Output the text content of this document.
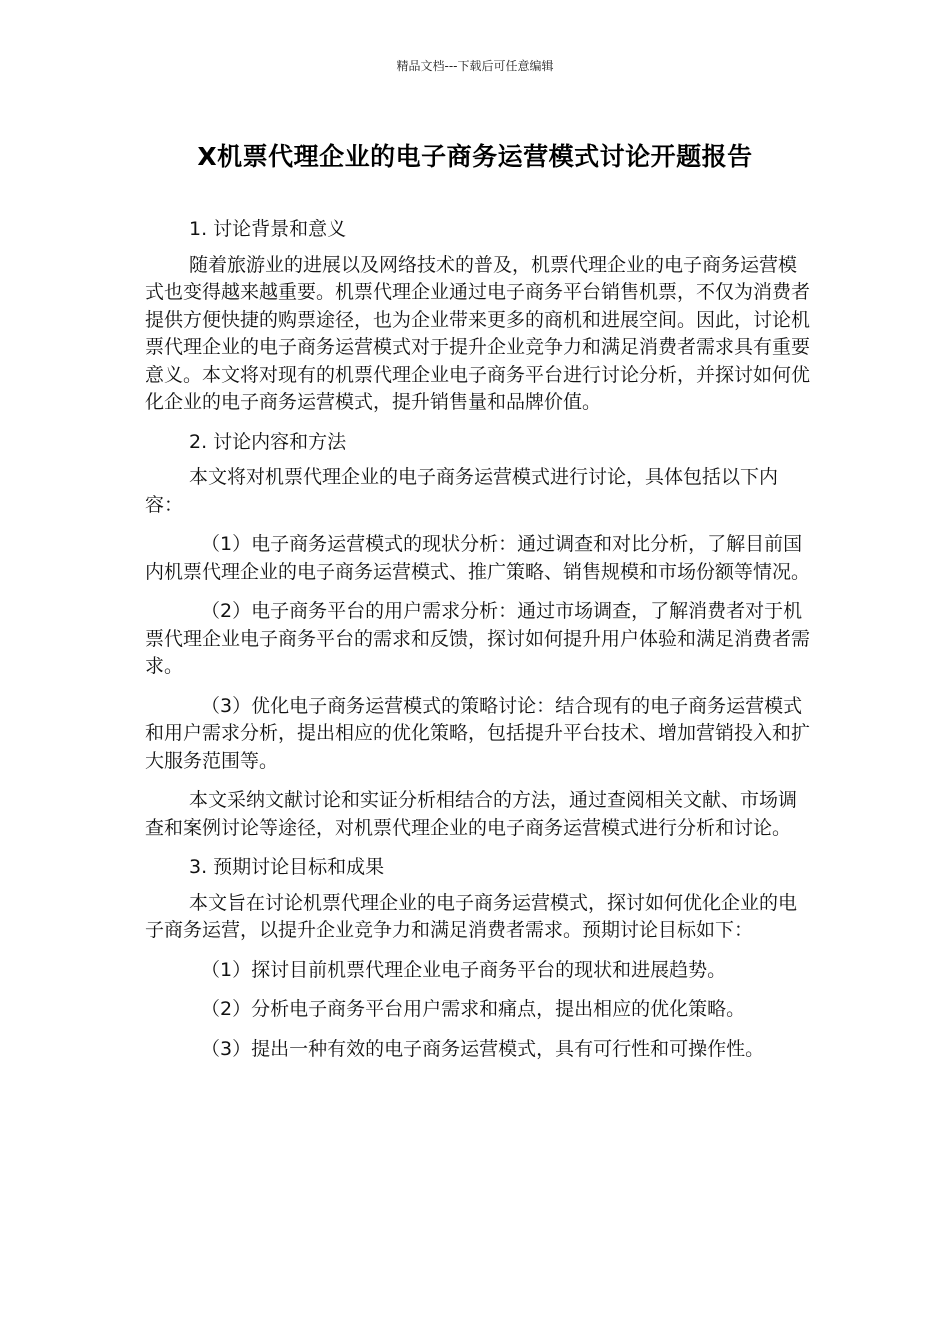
精品文档---下载后可任意编辑
X机票代理企业的电子商务运营模式讨论开题报告

1. 讨论背景和意义

随着旅游业的进展以及网络技术的普及，机票代理企业的电子商务运营模式也变得越来越重要。机票代理企业通过电子商务平台销售机票，不仅为消费者提供方便快捷的购票途径，也为企业带来更多的商机和进展空间。因此，讨论机票代理企业的电子商务运营模式对于提升企业竞争力和满足消费者需求具有重要意义。本文将对现有的机票代理企业电子商务平台进行讨论分析，并探讨如何优化企业的电子商务运营模式，提升销售量和品牌价值。

2. 讨论内容和方法

本文将对机票代理企业的电子商务运营模式进行讨论，具体包括以下内容：

（1）电子商务运营模式的现状分析：通过调查和对比分析，了解目前国内机票代理企业的电子商务运营模式、推广策略、销售规模和市场份额等情况。

（2）电子商务平台的用户需求分析：通过市场调查，了解消费者对于机票代理企业电子商务平台的需求和反馈，探讨如何提升用户体验和满足消费者需求。

（3）优化电子商务运营模式的策略讨论：结合现有的电子商务运营模式和用户需求分析，提出相应的优化策略，包括提升平台技术、增加营销投入和扩大服务范围等。

本文采纳文献讨论和实证分析相结合的方法，通过查阅相关文献、市场调查和案例讨论等途径，对机票代理企业的电子商务运营模式进行分析和讨论。

3. 预期讨论目标和成果

本文旨在讨论机票代理企业的电子商务运营模式，探讨如何优化企业的电子商务运营，以提升企业竞争力和满足消费者需求。预期讨论目标如下：

（1）探讨目前机票代理企业电子商务平台的现状和进展趋势。

（2）分析电子商务平台用户需求和痛点，提出相应的优化策略。

（3）提出一种有效的电子商务运营模式，具有可行性和可操作性。
